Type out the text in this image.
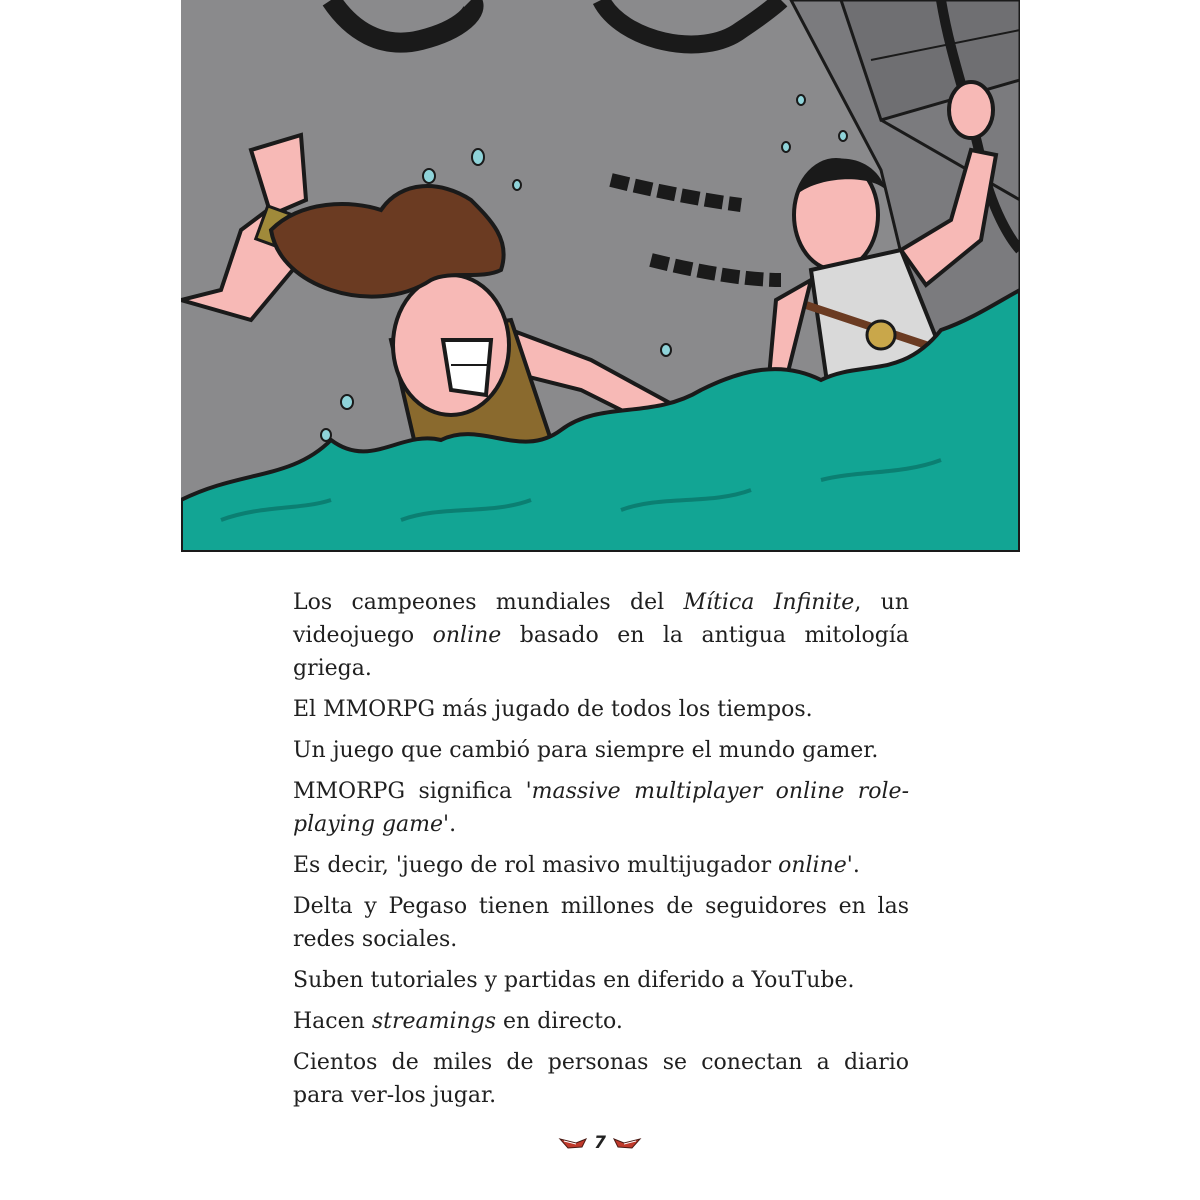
Los campeones mundiales del Mítica Infinite, un videojuego online basado en la antigua mitología griega.

El MMORPG más jugado de todos los tiempos.

Un juego que cambió para siempre el mundo gamer.

MMORPG significa 'massive multiplayer online role-playing game'.

Es decir, 'juego de rol masivo multijugador online'.

Delta y Pegaso tienen millones de seguidores en las redes sociales.

Suben tutoriales y partidas en diferido a YouTube.

Hacen streamings en directo.

Cientos de miles de personas se conectan a diario para ver-los jugar.

7
